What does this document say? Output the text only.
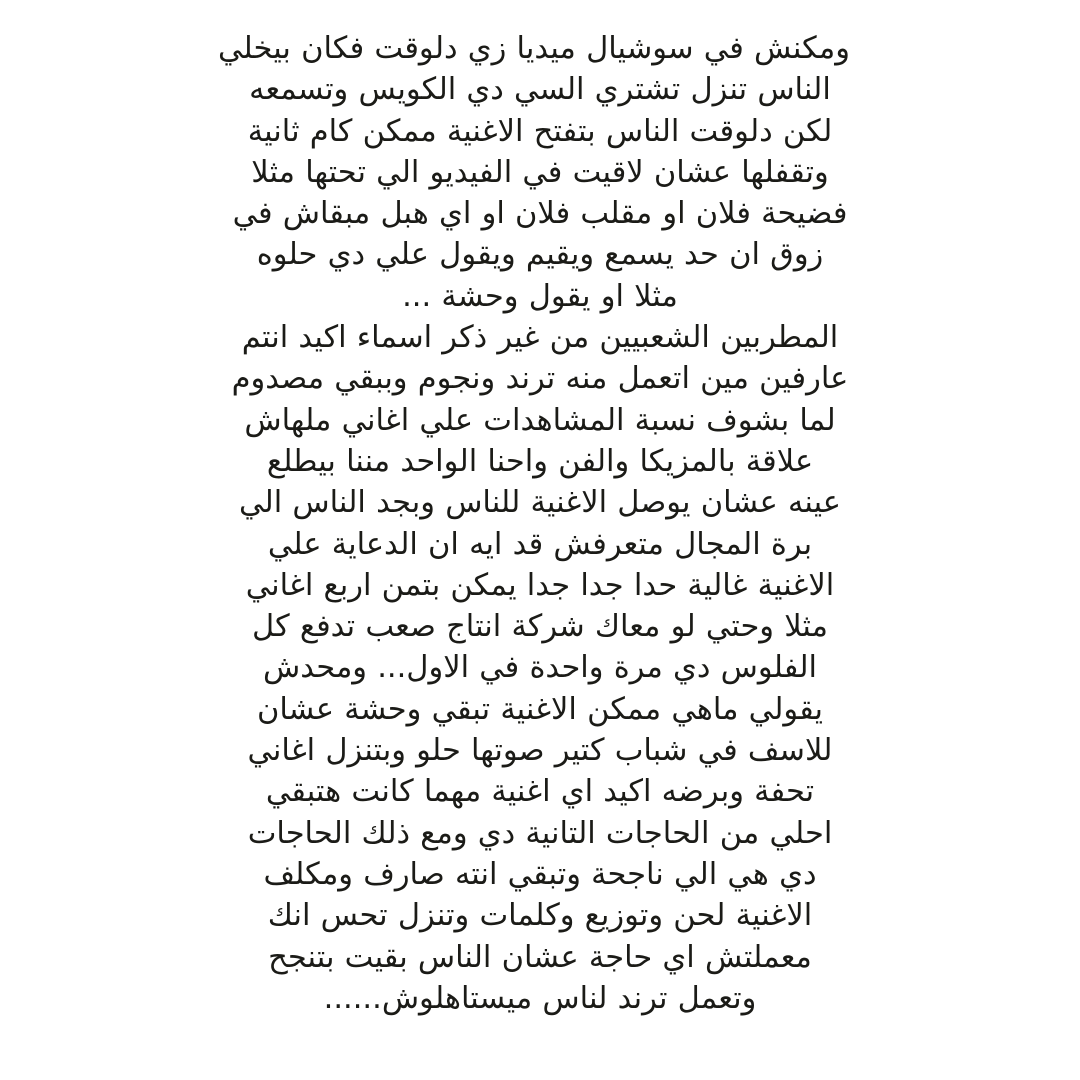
ومكنش في سوشيال ميديا زي دلوقت فكان بيخلي
الناس تنزل تشتري السي دي الكويس وتسمعه
لكن دلوقت الناس بتفتح الاغنية ممكن كام ثانية
وتقفلها عشان لاقيت في الفيديو الي تحتها مثلا
فضيحة فلان او مقلب فلان او اي هبل مبقاش في
زوق ان حد يسمع ويقيم ويقول علي دي حلوه
مثلا او يقول وحشة ...
المطربين الشعبيين من غير ذكر اسماء اكيد انتم
عارفين مين اتعمل منه ترند ونجوم وببقي مصدوم
لما بشوف نسبة المشاهدات علي اغاني ملهاش
علاقة بالمزيكا والفن واحنا الواحد مننا بيطلع
عينه عشان يوصل الاغنية للناس وبجد الناس الي
برة المجال متعرفش قد ايه ان الدعاية علي
الاغنية غالية حدا جدا جدا يمكن بتمن اربع اغاني
مثلا وحتي لو معاك شركة انتاج صعب تدفع كل
الفلوس دي مرة واحدة في الاول... ومحدش
يقولي ماهي ممكن الاغنية تبقي وحشة عشان
للاسف في شباب كتير صوتها حلو وبتنزل اغاني
تحفة وبرضه اكيد اي اغنية مهما كانت هتبقي
احلي من الحاجات التانية دي ومع ذلك الحاجات
دي هي الي ناجحة وتبقي انته صارف ومكلف
الاغنية لحن وتوزيع وكلمات وتنزل تحس انك
معملتش اي حاجة عشان الناس بقيت بتنجح
وتعمل ترند لناس ميستاهلوش......
